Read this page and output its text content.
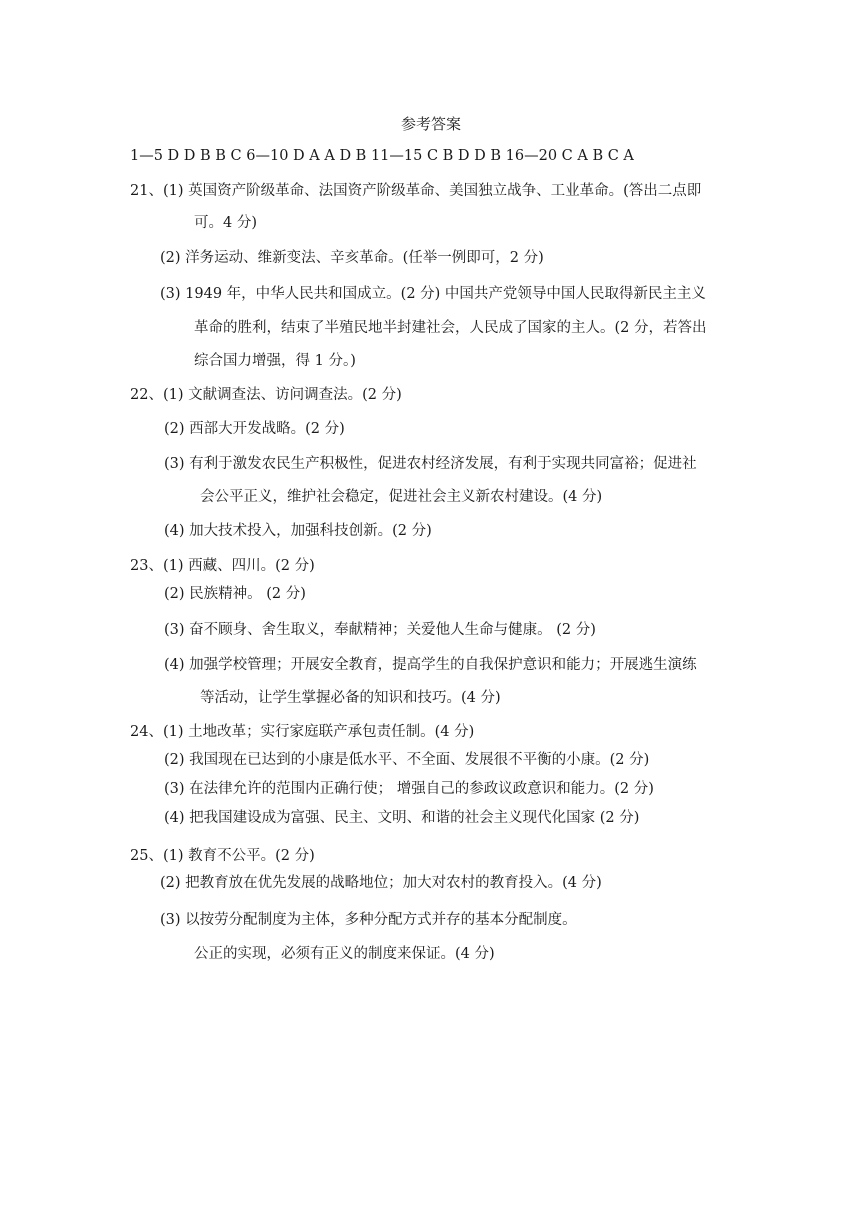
参考答案
1—5 D D B B C 6—10 D A A D B 11—15 C B D D B 16—20 C A B C A
21、(1) 英国资产阶级革命、法国资产阶级革命、美国独立战争、工业革命。(答出二点即
可。4 分)
(2) 洋务运动、维新变法、辛亥革命。(任举一例即可，2 分)
(3) 1949 年，中华人民共和国成立。(2 分) 中国共产党领导中国人民取得新民主主义
革命的胜利，结束了半殖民地半封建社会，人民成了国家的主人。(2 分，若答出
综合国力增强，得 1 分。)
22、(1) 文献调查法、访问调查法。(2 分)
(2) 西部大开发战略。(2 分)
(3) 有利于激发农民生产积极性，促进农村经济发展，有利于实现共同富裕；促进社
会公平正义，维护社会稳定，促进社会主义新农村建设。(4 分)
(4) 加大技术投入，加强科技创新。(2 分)
23、(1) 西藏、四川。(2 分)
(2) 民族精神。 (2 分)
(3) 奋不顾身、舍生取义，奉献精神；关爱他人生命与健康。 (2 分)
(4) 加强学校管理；开展安全教育，提高学生的自我保护意识和能力；开展逃生演练
等活动，让学生掌握必备的知识和技巧。(4 分)
24、(1) 土地改革；实行家庭联产承包责任制。(4 分)
(2) 我国现在已达到的小康是低水平、不全面、发展很不平衡的小康。(2 分)
(3) 在法律允许的范围内正确行使； 增强自己的参政议政意识和能力。(2 分)
(4) 把我国建设成为富强、民主、文明、和谐的社会主义现代化国家 (2 分)
25、(1) 教育不公平。(2 分)
(2) 把教育放在优先发展的战略地位；加大对农村的教育投入。(4 分)
(3) 以按劳分配制度为主体，多种分配方式并存的基本分配制度。
公正的实现，必须有正义的制度来保证。(4 分)
